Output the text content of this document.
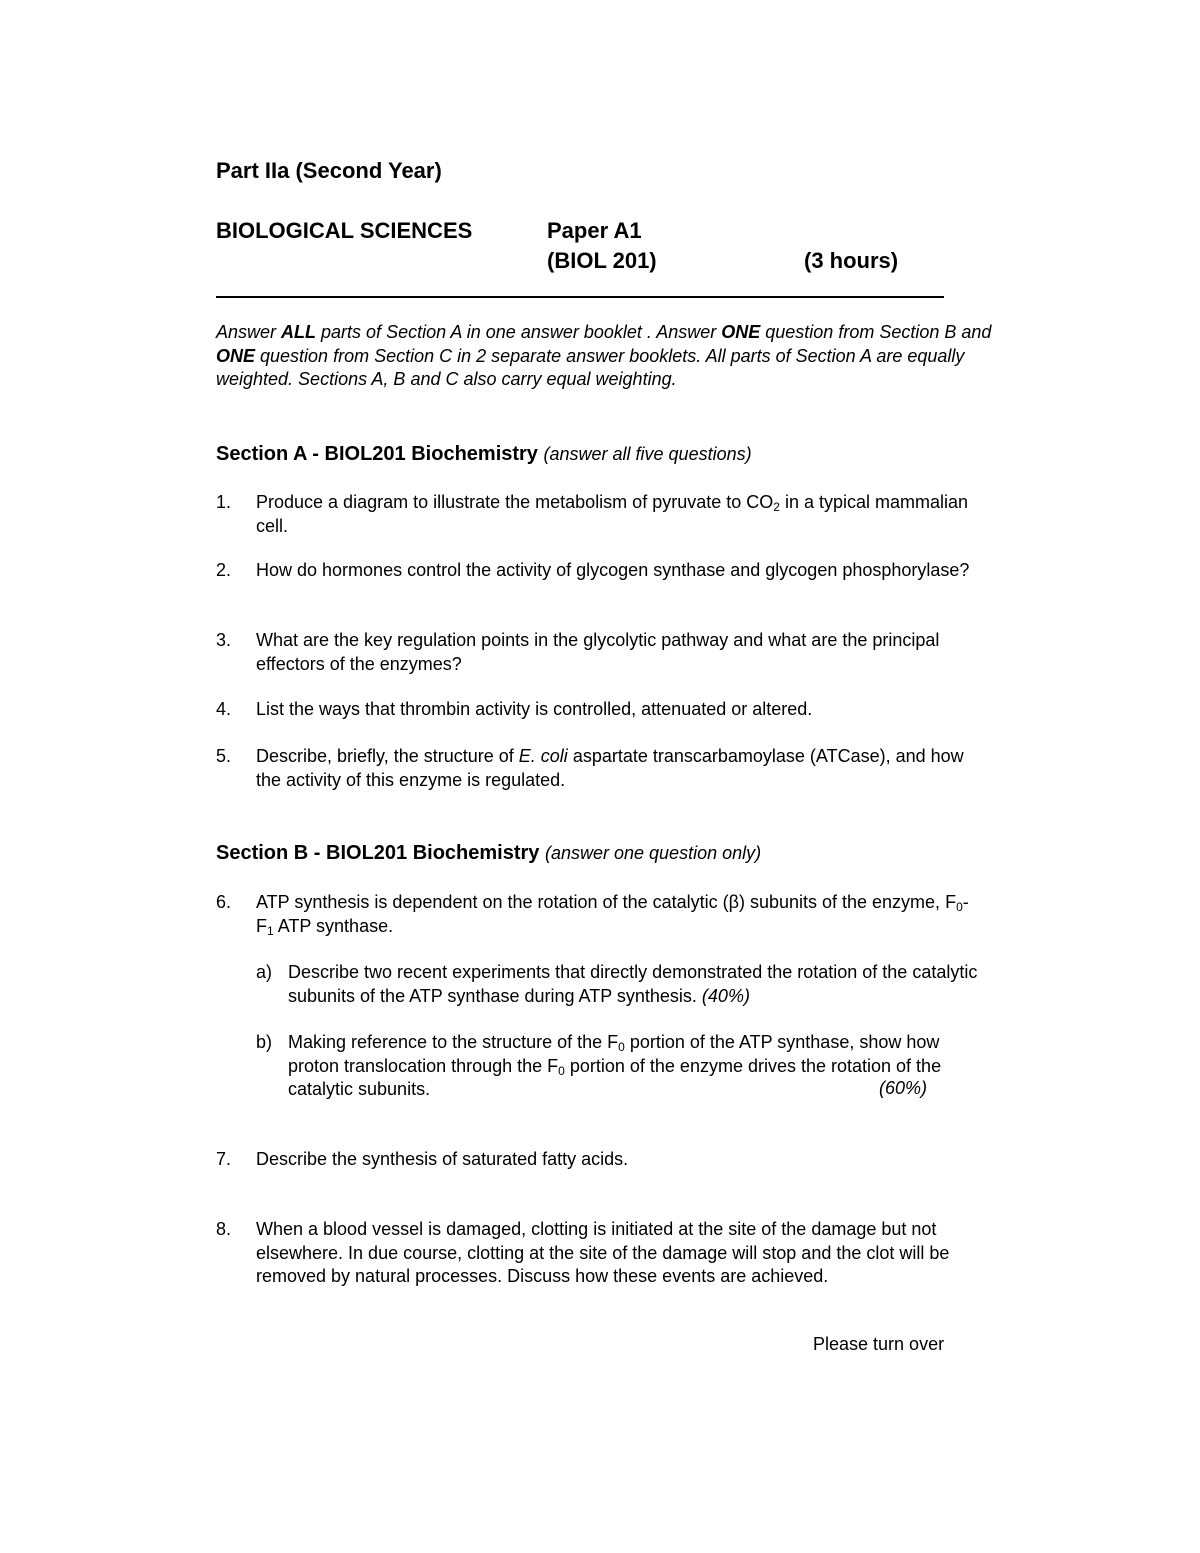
Part IIa (Second Year)
BIOLOGICAL SCIENCES	Paper A1
(BIOL 201)	(3 hours)
Answer ALL parts of Section A in one answer booklet . Answer ONE question from Section B and ONE question from Section C in 2 separate answer booklets. All parts of Section A are equally weighted. Sections A, B and C also carry equal weighting.
Section A - BIOL201 Biochemistry (answer all five questions)
1. Produce a diagram to illustrate the metabolism of pyruvate to $CO_2$ in a typical mammalian cell.
2. How do hormones control the activity of glycogen synthase and glycogen phosphorylase?
3. What are the key regulation points in the glycolytic pathway and what are the principal effectors of the enzymes?
4. List the ways that thrombin activity is controlled, attenuated or altered.
5. Describe, briefly, the structure of E. coli aspartate transcarbamoylase (ATCase), and how the activity of this enzyme is regulated.
Section B - BIOL201 Biochemistry (answer one question only)
6. ATP synthesis is dependent on the rotation of the catalytic (β) subunits of the enzyme, $F_0-F_1$ ATP synthase.
a) Describe two recent experiments that directly demonstrated the rotation of the catalytic subunits of the ATP synthase during ATP synthesis. (40%)
b) Making reference to the structure of the $F_0$ portion of the ATP synthase, show how proton translocation through the $F_0$ portion of the enzyme drives the rotation of the catalytic subunits.	(60%)
7. Describe the synthesis of saturated fatty acids.
8. When a blood vessel is damaged, clotting is initiated at the site of the damage but not elsewhere. In due course, clotting at the site of the damage will stop and the clot will be removed by natural processes. Discuss how these events are achieved.
Please turn over
